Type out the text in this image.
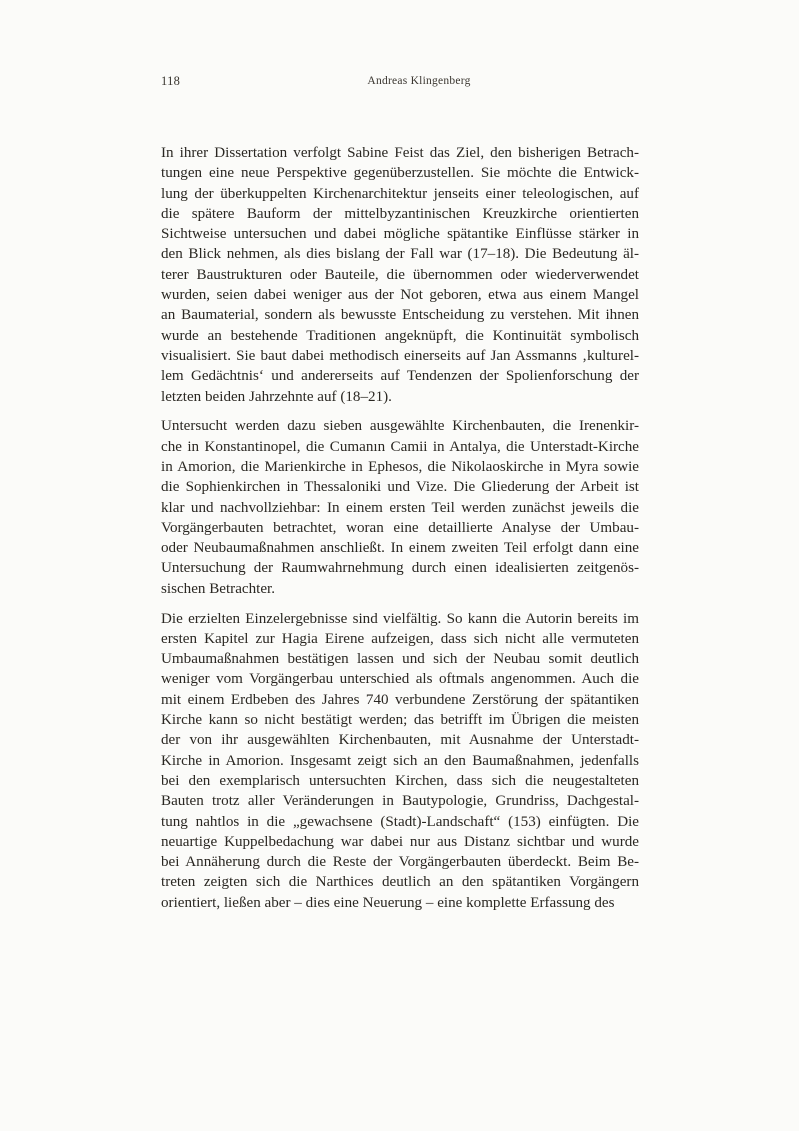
118	Andreas Klingenberg

In ihrer Dissertation verfolgt Sabine Feist das Ziel, den bisherigen Betrach-
tungen eine neue Perspektive gegenüberzustellen. Sie möchte die Entwick-
lung der überkuppelten Kirchenarchitektur jenseits einer teleologischen, auf
die spätere Bauform der mittelbyzantinischen Kreuzkirche orientierten
Sichtweise untersuchen und dabei mögliche spätantike Einflüsse stärker in
den Blick nehmen, als dies bislang der Fall war (17–18). Die Bedeutung äl-
terer Baustrukturen oder Bauteile, die übernommen oder wiederverwendet
wurden, seien dabei weniger aus der Not geboren, etwa aus einem Mangel
an Baumaterial, sondern als bewusste Entscheidung zu verstehen. Mit ihnen
wurde an bestehende Traditionen angeknüpft, die Kontinuität symbolisch
visualisiert. Sie baut dabei methodisch einerseits auf Jan Assmanns ‚kulturel-
lem Gedächtnis‘ und andererseits auf Tendenzen der Spolienforschung der
letzten beiden Jahrzehnte auf (18–21).

Untersucht werden dazu sieben ausgewählte Kirchenbauten, die Irenenkir-
che in Konstantinopel, die Cumanın Camii in Antalya, die Unterstadt-Kirche
in Amorion, die Marienkirche in Ephesos, die Nikolaoskirche in Myra sowie
die Sophienkirchen in Thessaloniki und Vize. Die Gliederung der Arbeit ist
klar und nachvollziehbar: In einem ersten Teil werden zunächst jeweils die
Vorgängerbauten betrachtet, woran eine detaillierte Analyse der Umbau-
oder Neubaumaßnahmen anschließt. In einem zweiten Teil erfolgt dann eine
Untersuchung der Raumwahrnehmung durch einen idealisierten zeitgenös-
sischen Betrachter.

Die erzielten Einzelergebnisse sind vielfältig. So kann die Autorin bereits im
ersten Kapitel zur Hagia Eirene aufzeigen, dass sich nicht alle vermuteten
Umbaumaßnahmen bestätigen lassen und sich der Neubau somit deutlich
weniger vom Vorgängerbau unterschied als oftmals angenommen. Auch die
mit einem Erdbeben des Jahres 740 verbundene Zerstörung der spätantiken
Kirche kann so nicht bestätigt werden; das betrifft im Übrigen die meisten
der von ihr ausgewählten Kirchenbauten, mit Ausnahme der Unterstadt-
Kirche in Amorion. Insgesamt zeigt sich an den Baumaßnahmen, jedenfalls
bei den exemplarisch untersuchten Kirchen, dass sich die neugestalteten
Bauten trotz aller Veränderungen in Bautypologie, Grundriss, Dachgestal-
tung nahtlos in die „gewachsene (Stadt)-Landschaft“ (153) einfügten. Die
neuartige Kuppelbedachung war dabei nur aus Distanz sichtbar und wurde
bei Annäherung durch die Reste der Vorgängerbauten überdeckt. Beim Be-
treten zeigten sich die Narthices deutlich an den spätantiken Vorgängern
orientiert, ließen aber – dies eine Neuerung – eine komplette Erfassung des
